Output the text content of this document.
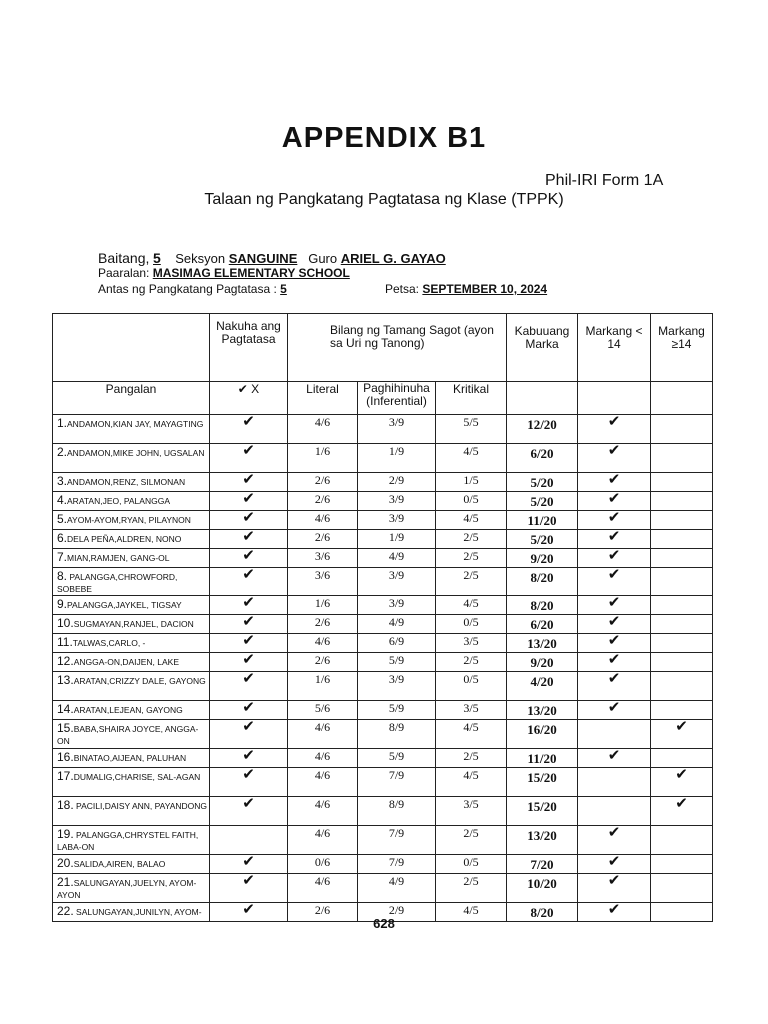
APPENDIX B1
Phil-IRI Form 1A
Talaan ng Pangkatang Pagtatasa ng Klase (TPPK)
Baitang, 5 Seksyon SANGUINE Guro ARIEL G. GAYAO
Paaralan: MASIMAG ELEMENTARY SCHOOL
Antas ng Pangkatang Pagtatasa : 5	Petsa: SEPTEMBER 10, 2024
	Nakuha ang Pagtatasa	Bilang ng Tamang Sagot (ayon sa Uri ng Tanong)			Kabuuang Marka	Markang < 14	Markang ≥14
Pangalan	✔ X	Literal	Paghihinuha (Inferential)	Kritikal			
1.ANDAMON,KIAN JAY, MAYAGTING	✔	4/6	3/9	5/5	12/20	✔	
2.ANDAMON,MIKE JOHN, UGSALAN	✔	1/6	1/9	4/5	6/20	✔	
3.ANDAMON,RENZ, SILMONAN	✔	2/6	2/9	1/5	5/20	✔	
4.ARATAN,JEO, PALANGGA	✔	2/6	3/9	0/5	5/20	✔	
5.AYOM-AYOM,RYAN, PILAYNON	✔	4/6	3/9	4/5	11/20	✔	
6.DELA PEÑA,ALDREN, NONO	✔	2/6	1/9	2/5	5/20	✔	
7.MIAN,RAMJEN, GANG-OL	✔	3/6	4/9	2/5	9/20	✔	
8. PALANGGA,CHROWFORD, SOBEBE	✔	3/6	3/9	2/5	8/20	✔	
9.PALANGGA,JAYKEL, TIGSAY	✔	1/6	3/9	4/5	8/20	✔	
10.SUGMAYAN,RANJEL, DACION	✔	2/6	4/9	0/5	6/20	✔	
11.TALWAS,CARLO, -	✔	4/6	6/9	3/5	13/20	✔	
12.ANGGA-ON,DAIJEN, LAKE	✔	2/6	5/9	2/5	9/20	✔	
13.ARATAN,CRIZZY DALE, GAYONG	✔	1/6	3/9	0/5	4/20	✔	
14.ARATAN,LEJEAN, GAYONG	✔	5/6	5/9	3/5	13/20	✔	
15.BABA,SHAIRA JOYCE, ANGGA-ON	✔	4/6	8/9	4/5	16/20		✔
16.BINATAO,AIJEAN, PALUHAN	✔	4/6	5/9	2/5	11/20	✔	
17.DUMALIG,CHARISE, SAL-AGAN	✔	4/6	7/9	4/5	15/20		✔
18. PACILI,DAISY ANN, PAYANDONG	✔	4/6	8/9	3/5	15/20		✔
19. PALANGGA,CHRYSTEL FAITH, LABA-ON		4/6	7/9	2/5	13/20	✔	
20.SALIDA,AIREN, BALAO	✔	0/6	7/9	0/5	7/20	✔	
21.SALUNGAYAN,JUELYN, AYOM-AYON	✔	4/6	4/9	2/5	10/20	✔	
22. SALUNGAYAN,JUNILYN, AYOM-	✔	2/6	2/9	4/5	8/20	✔	
628
